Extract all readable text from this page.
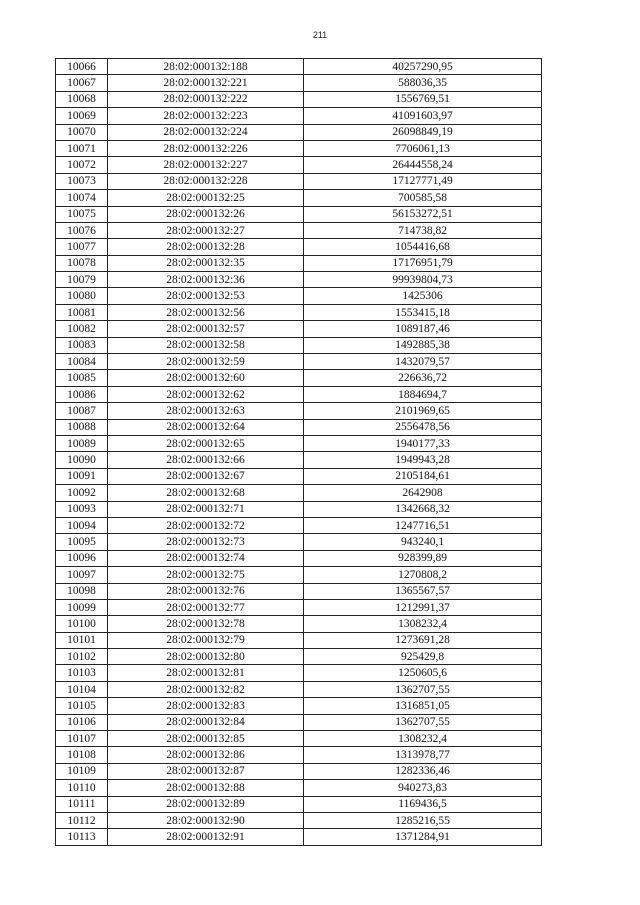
211
10066	28:02:000132:188	40257290,95
10067	28:02:000132:221	588036,35
10068	28:02:000132:222	1556769,51
10069	28:02:000132:223	41091603,97
10070	28:02:000132:224	26098849,19
10071	28:02:000132:226	7706061,13
10072	28:02:000132:227	26444558,24
10073	28:02:000132:228	17127771,49
10074	28:02:000132:25	700585,58
10075	28:02:000132:26	56153272,51
10076	28:02:000132:27	714738,82
10077	28:02:000132:28	1054416,68
10078	28:02:000132:35	17176951,79
10079	28:02:000132:36	99939804,73
10080	28:02:000132:53	1425306
10081	28:02:000132:56	1553415,18
10082	28:02:000132:57	1089187,46
10083	28:02:000132:58	1492885,38
10084	28:02:000132:59	1432079,57
10085	28:02:000132:60	226636,72
10086	28:02:000132:62	1884694,7
10087	28:02:000132:63	2101969,65
10088	28:02:000132:64	2556478,56
10089	28:02:000132:65	1940177,33
10090	28:02:000132:66	1949943,28
10091	28:02:000132:67	2105184,61
10092	28:02:000132:68	2642908
10093	28:02:000132:71	1342668,32
10094	28:02:000132:72	1247716,51
10095	28:02:000132:73	943240,1
10096	28:02:000132:74	928399,89
10097	28:02:000132:75	1270808,2
10098	28:02:000132:76	1365567,57
10099	28:02:000132:77	1212991,37
10100	28:02:000132:78	1308232,4
10101	28:02:000132:79	1273691,28
10102	28:02:000132:80	925429,8
10103	28:02:000132:81	1250605,6
10104	28:02:000132:82	1362707,55
10105	28:02:000132:83	1316851,05
10106	28:02:000132:84	1362707,55
10107	28:02:000132:85	1308232,4
10108	28:02:000132:86	1313978,77
10109	28:02:000132:87	1282336,46
10110	28:02:000132:88	940273,83
10111	28:02:000132:89	1169436,5
10112	28:02:000132:90	1285216,55
10113	28:02:000132:91	1371284,91
